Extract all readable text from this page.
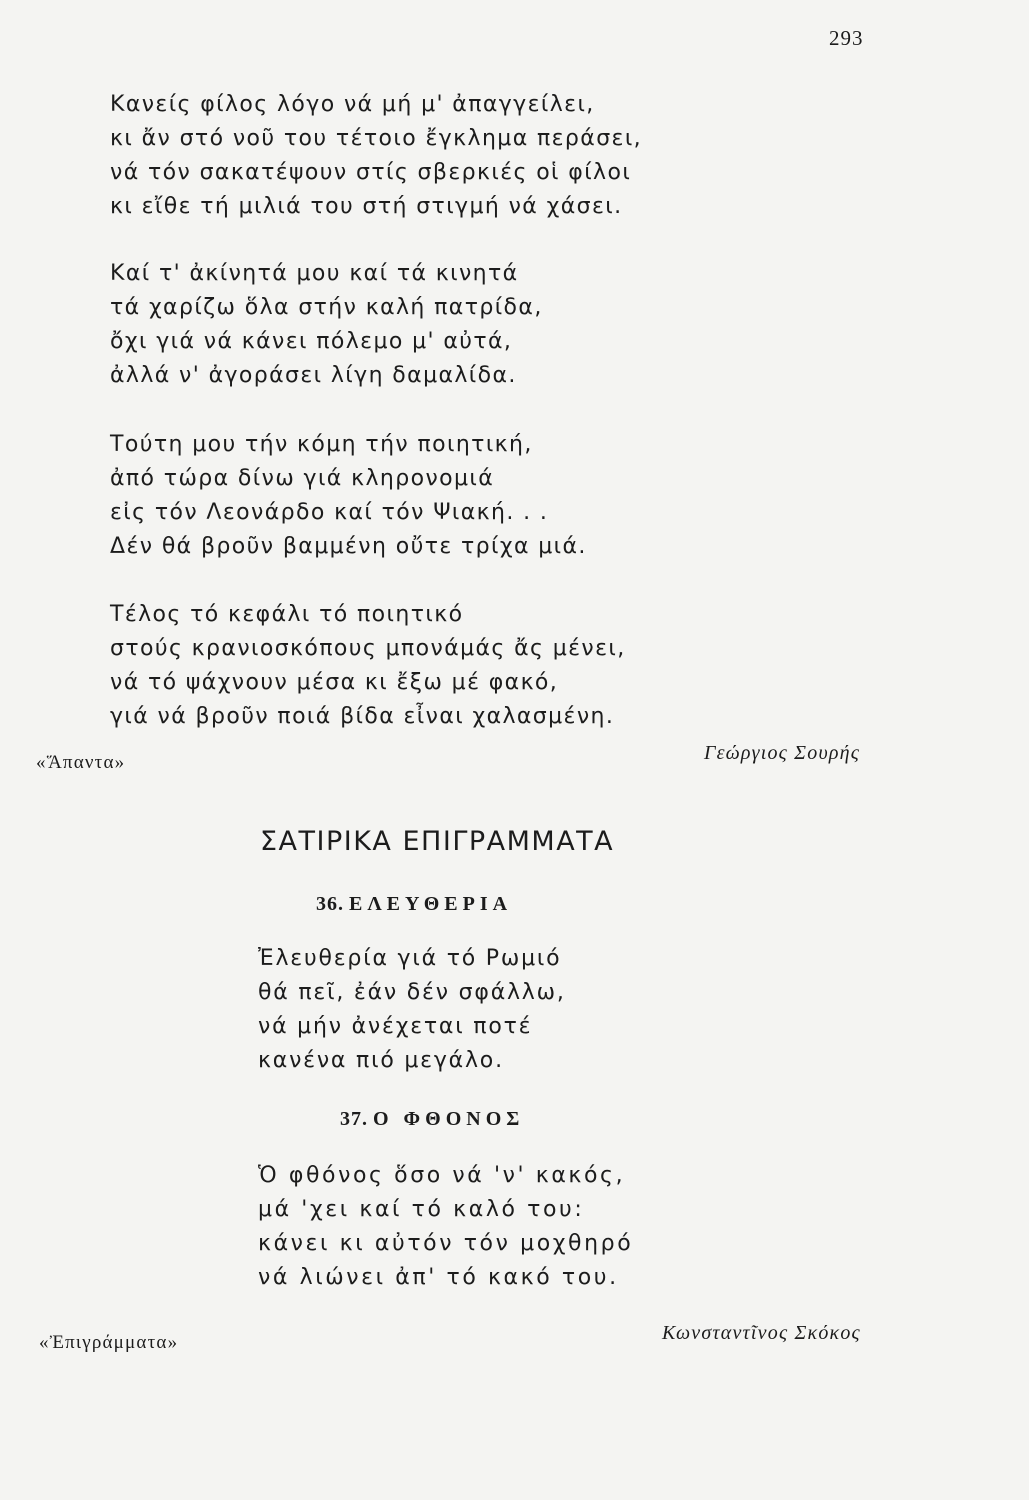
293
Κανείς φίλος λόγο νά μή μ' ἀπαγγείλει,
κι ἄν στό νοῦ του τέτοιο ἔγκλημα περάσει,
νά τόν σακατέψουν στίς σβερκιές οἱ φίλοι
κι εἴθε τή μιλιά του στή στιγμή νά χάσει.
Καί τ' ἀκίνητά μου καί τά κινητά
τά χαρίζω ὅλα στήν καλή πατρίδα,
ὄχι γιά νά κάνει πόλεμο μ' αὐτά,
ἀλλά ν' ἀγοράσει λίγη δαμαλίδα.
Τούτη μου τήν κόμη τήν ποιητική,
ἀπό τώρα δίνω γιά κληρονομιά
εἰς τόν Λεονάρδο καί τόν Ψιακή. . .
Δέν θά βροῦν βαμμένη οὔτε τρίχα μιά.
Τέλος τό κεφάλι τό ποιητικό
στούς κρανιοσκόπους μπονάμάς ἄς μένει,
νά τό ψάχνουν μέσα κι ἔξω μέ φακό,
γιά νά βροῦν ποιά βίδα εἶναι χαλασμένη.
«Ἅπαντα»	Γεώργιος Σουρής
ΣΑΤΙΡΙΚΑ ΕΠΙΓΡΑΜΜΑΤΑ
36. ΕΛΕΥΘΕΡΙΑ
Ἐλευθερία γιά τό Ρωμιό
θά πεῖ, ἐάν δέν σφάλλω,
νά μήν ἀνέχεται ποτέ
κανένα πιό μεγάλο.
37. Ο ΦΘΟΝΟΣ
Ὁ φθόνος ὅσο νά 'ν' κακός,
μά 'χει καί τό καλό του:
κάνει κι αὐτόν τόν μοχθηρό
νά λιώνει ἀπ' τό κακό του.
«Ἐπιγράμματα»	Κωνσταντῖνος Σκόκος
